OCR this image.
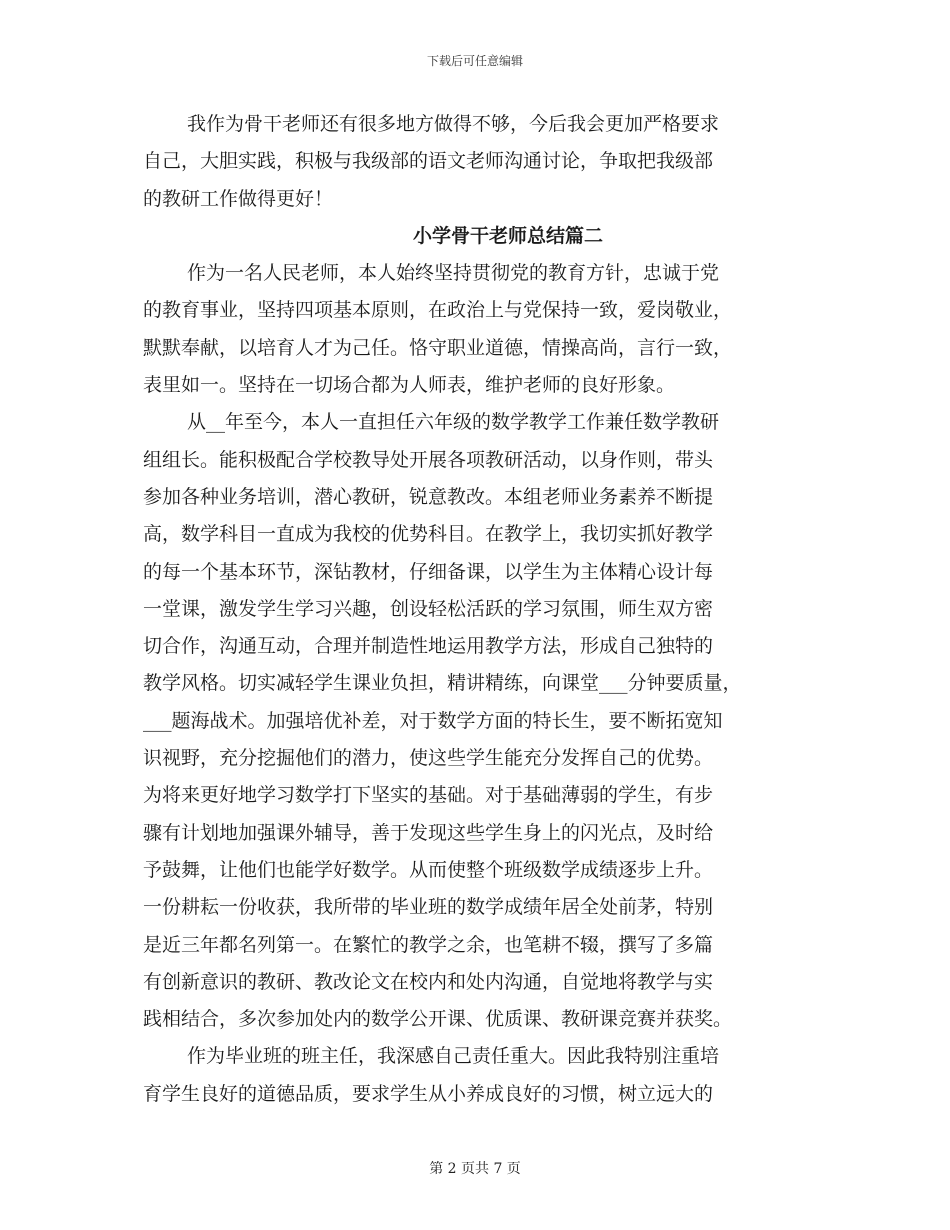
下载后可任意编辑
我作为骨干老师还有很多地方做得不够，今后我会更加严格要求
自己，大胆实践，积极与我级部的语文老师沟通讨论，争取把我级部
的教研工作做得更好！
小学骨干老师总结篇二
作为一名人民老师，本人始终坚持贯彻党的教育方针，忠诚于党
的教育事业，坚持四项基本原则，在政治上与党保持一致，爱岗敬业，
默默奉献，以培育人才为己任。恪守职业道德，情操高尚，言行一致，
表里如一。坚持在一切场合都为人师表，维护老师的良好形象。
从__年至今，本人一直担任六年级的数学教学工作兼任数学教研
组组长。能积极配合学校教导处开展各项教研活动，以身作则，带头
参加各种业务培训，潜心教研，锐意教改。本组老师业务素养不断提
高，数学科目一直成为我校的优势科目。在教学上，我切实抓好教学
的每一个基本环节，深钻教材，仔细备课，以学生为主体精心设计每
一堂课，激发学生学习兴趣，创设轻松活跃的学习氛围，师生双方密
切合作，沟通互动，合理并制造性地运用教学方法，形成自己独特的
教学风格。切实减轻学生课业负担，精讲精练，向课堂___分钟要质量，
___题海战术。加强培优补差，对于数学方面的特长生，要不断拓宽知
识视野，充分挖掘他们的潜力，使这些学生能充分发挥自己的优势。
为将来更好地学习数学打下坚实的基础。对于基础薄弱的学生，有步
骤有计划地加强课外辅导，善于发现这些学生身上的闪光点，及时给
予鼓舞，让他们也能学好数学。从而使整个班级数学成绩逐步上升。
一份耕耘一份收获，我所带的毕业班的数学成绩年居全处前茅，特别
是近三年都名列第一。在繁忙的教学之余，也笔耕不辍，撰写了多篇
有创新意识的教研、教改论文在校内和处内沟通，自觉地将教学与实
践相结合，多次参加处内的数学公开课、优质课、教研课竞赛并获奖。
作为毕业班的班主任，我深感自己责任重大。因此我特别注重培
育学生良好的道德品质，要求学生从小养成良好的习惯，树立远大的
第 2 页共 7 页
